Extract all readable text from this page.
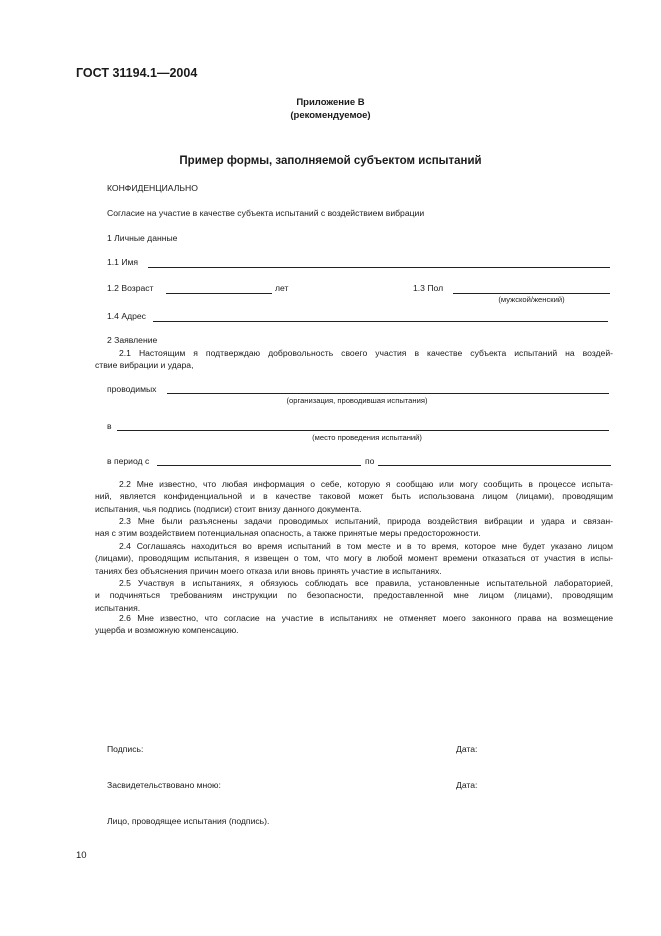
ГОСТ 31194.1—2004
Приложение В
(рекомендуемое)
Пример формы, заполняемой субъектом испытаний
КОНФИДЕНЦИАЛЬНО
Согласие на участие в качестве субъекта испытаний с воздействием вибрации
1 Личные данные
1.1 Имя
1.2 Возраст	лет	1.3 Пол
(мужской/женский)
1.4 Адрес
2 Заявление
2.1 Настоящим я подтверждаю добровольность своего участия в качестве субъекта испытаний на воздей-
ствие вибрации и удара,
проводимых
(организация, проводившая испытания)
в
(место проведения испытаний)
в период с	по
2.2 Мне известно, что любая информация о себе, которую я сообщаю или могу сообщить в процессе испыта-
ний, является конфиденциальной и в качестве таковой может быть использована лицом (лицами), проводящим
испытания, чья подпись (подписи) стоит внизу данного документа.
2.3 Мне были разъяснены задачи проводимых испытаний, природа воздействия вибрации и удара и связан-
ная с этим воздействием потенциальная опасность, а также принятые меры предосторожности.
2.4 Соглашаясь находиться во время испытаний в том месте и в то время, которое мне будет указано лицом
(лицами), проводящим испытания, я извещен о том, что могу в любой момент времени отказаться от участия в испы-
таниях без объяснения причин моего отказа или вновь принять участие в испытаниях.
2.5 Участвуя в испытаниях, я обязуюсь соблюдать все правила, установленные испытательной лабораторией,
и подчиняться требованиям инструкции по безопасности, предоставленной мне лицом (лицами), проводящим
испытания.
2.6 Мне известно, что согласие на участие в испытаниях не отменяет моего законного права на возмещение
ущерба и возможную компенсацию.
Подпись:	Дата:
Засвидетельствовано мною:	Дата:
Лицо, проводящее испытания (подпись).
10
